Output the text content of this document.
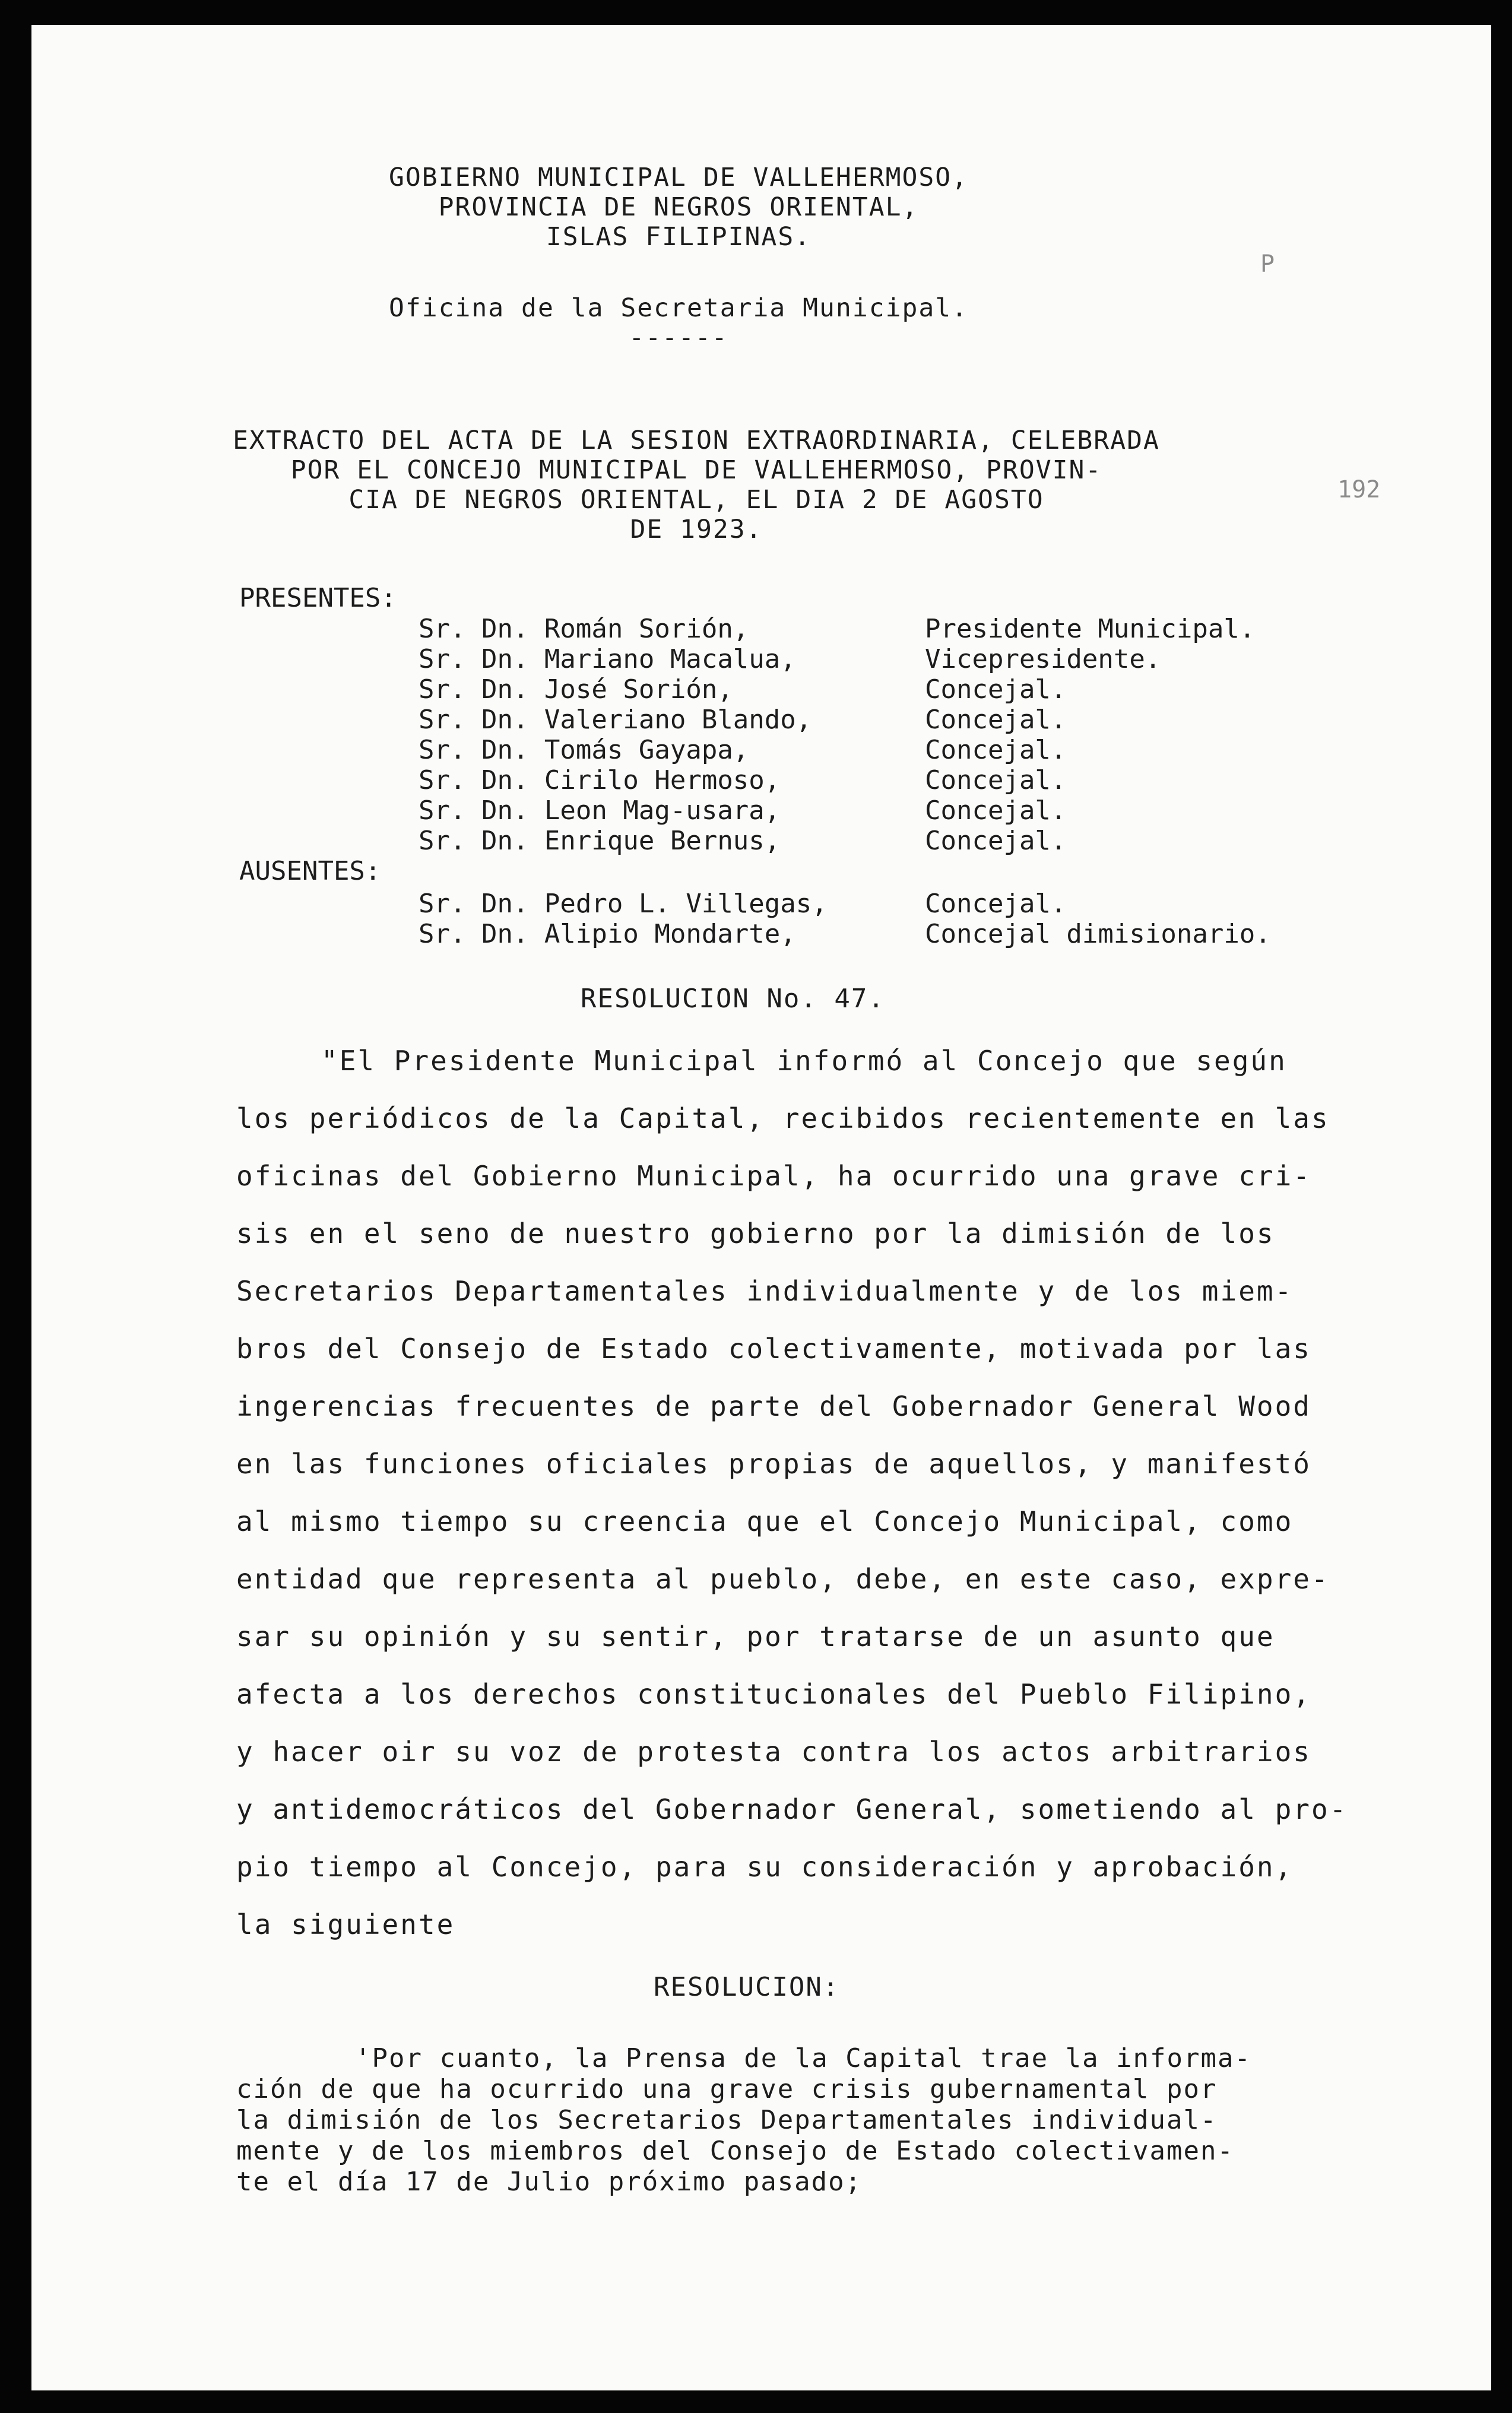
GOBIERNO MUNICIPAL DE VALLEHERMOSO,
PROVINCIA DE NEGROS ORIENTAL,
ISLAS FILIPINAS.
Oficina de la Secretaria Municipal.
------
P
192
EXTRACTO DEL ACTA DE LA SESION EXTRAORDINARIA, CELEBRADA
POR EL CONCEJO MUNICIPAL DE VALLEHERMOSO, PROVIN-
CIA DE NEGROS ORIENTAL, EL DIA 2 DE AGOSTO
DE 1923.
PRESENTES:
Sr. Dn. Román Sorión,	Presidente Municipal.
Sr. Dn. Mariano Macalua,	Vicepresidente.
Sr. Dn. José Sorión,	Concejal.
Sr. Dn. Valeriano Blando,	Concejal.
Sr. Dn. Tomás Gayapa,	Concejal.
Sr. Dn. Cirilo Hermoso,	Concejal.
Sr. Dn. Leon Mag-usara,	Concejal.
Sr. Dn. Enrique Bernus,	Concejal.
AUSENTES:
Sr. Dn. Pedro L. Villegas,	Concejal.
Sr. Dn. Alipio Mondarte,	Concejal dimisionario.
RESOLUCION No. 47.
"El Presidente Municipal informó al Concejo que según
los periódicos de la Capital, recibidos recientemente en las
oficinas del Gobierno Municipal, ha ocurrido una grave cri-
sis en el seno de nuestro gobierno por la dimisión de los
Secretarios Departamentales individualmente y de los miem-
bros del Consejo de Estado colectivamente, motivada por las
ingerencias frecuentes de parte del Gobernador General Wood
en las funciones oficiales propias de aquellos, y manifestó
al mismo tiempo su creencia que el Concejo Municipal, como
entidad que representa al pueblo, debe, en este caso, expre-
sar su opinión y su sentir, por tratarse de un asunto que
afecta a los derechos constitucionales del Pueblo Filipino,
y hacer oir su voz de protesta contra los actos arbitrarios
y antidemocráticos del Gobernador General, sometiendo al pro-
pio tiempo al Concejo, para su consideración y aprobación,
la siguiente
RESOLUCION:
'Por cuanto, la Prensa de la Capital trae la informa-
ción de que ha ocurrido una grave crisis gubernamental por
la dimisión de los Secretarios Departamentales individual-
mente y de los miembros del Consejo de Estado colectivamen-
te el día 17 de Julio próximo pasado;
